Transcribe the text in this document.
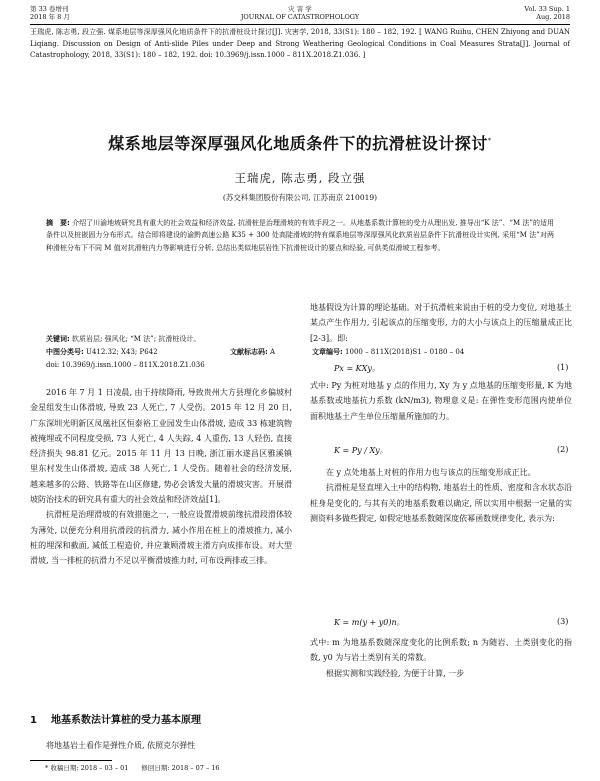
第 33 卷增刊
2018 年 8 月
灾 害 学
JOURNAL OF CATASTROPHOLOGY
Vol. 33 Sup. 1
Aug. 2018
王瑞虎, 陈志勇, 段立强. 煤系地层等深厚强风化地质条件下的抗滑桩设计探讨[J]. 灾害学, 2018, 33(S1): 180 – 182, 192. [ WANG Ruihu, CHEN Zhiyong and DUAN Liqiang. Discussion on Design of Anti-slide Piles under Deep and Strong Weathering Geological Conditions in Coal Measures Strata[J]. Journal of Catastrophology, 2018, 33(S1): 180 – 182, 192. doi: 10.3969/j.issn.1000 – 811X.2018.Z1.036. ]
煤系地层等深厚强风化地质条件下的抗滑桩设计探讨*
王瑞虎, 陈志勇, 段立强
(苏交科集团股份有限公司, 江苏南京 210019)
摘　要: 介绍了川渝地坡研究具有重大的社会效益和经济效益, 抗滑桩是治理滑坡的有效手段之一。从地基系数计算桩的受力从理出发, 推导出“K 法”、“M 法”的适用条件以及桩嵌固力分布形式。结合即将建设的渝黔高速公路 K35 + 300 处高陡滑坡的特有煤系地层等深厚强风化软质岩层条件下抗滑桩设计实例, 采用“M 法”对两种滑桩分布下不同 M 值对抗滑桩内力等影响进行分析, 总结出类似地层岩性下抗滑桩设计的要点和经验, 可供类似滑坡工程参考。
关键词: 软质岩层; 强风化; “M 法”; 抗滑桩设计。
中图分类号: U412.32; X43; P642	文献标志码: A	文章编号: 1000 – 811X(2018)S1 – 0180 – 04
doi: 10.3969/j.issn.1000 – 811X.2018.Z1.036

2016 年 7 月 1 日凌晨, 由于持续降雨, 导致贵州大方县理化乡偏坡村金星组发生山体滑坡, 导致 23 人死亡, 7 人受伤。2015 年 12 月 20 日, 广东深圳光明新区凤凰社区恒泰裕工业园发生山体滑坡, 造成 33 栋建筑物被掩埋或不同程度受损, 73 人死亡, 4 人失踪, 4 人重伤, 13 人轻伤, 直接经济损失 98.81 亿元。2015 年 11 月 13 日晚, 浙江丽水遂昌区雅溪镇里东村发生山体滑坡, 造成 38 人死亡, 1 人受伤。随着社会的经济发展, 越来越多的公路、铁路等在山区修建, 势必会诱发大量的滑坡灾害。开展滑坡防治技术的研究具有重大的社会效益和经济效益[1]。

抗滑桩是治理滑坡的有效措施之一, 一般应设置滑坡前缘抗滑段滑体较为薄处, 以便充分利用抗滑段的抗滑力, 减小作用在桩上的滑坡推力, 减小桩的埋深和截面, 减低工程造价, 并应兼顾滑坡主滑方向成排布设。对大型滑坡, 当一排桩的抗滑力不足以平衡滑坡推力时, 可布设两排或三排。

1 地基系数法计算桩的受力基本原理
将地基岩土看作是弹性介质, 依照克尔弹性

地基假设为计算的理论基础。对于抗滑桩来说由于桩的受力变位, 对地基土某点产生作用力, 引起该点的压缩变形, 力的大小与该点上的压缩量成正比[2-3]。即:

Px = KXy。	(1)

式中: Py 为桩对地基 y 点的作用力, Xy 为 y 点地基的压缩变形量, K 为地基系数或地基抗力系数 (kN/m3), 物理意义是: 在弹性变形范围内使单位面积地基土产生单位压缩量所施加的力。

K = Py / Xy。	(2)

在 y 点处地基上对桩的作用力也与该点的压缩变形成正比。

抗滑桩是竖直埋入土中的结构物, 地基岩土的性质、密度和含水状态沿桩身是变化的, 与其有关的地基系数难以确定, 所以实用中根据一定量的实测资料多做些假定, 如假定地基系数随深度依幂函数规律变化, 表示为:

K = m(y + y0)n。	(3)

式中: m 为地基系数随深度变化的比例系数; n 为随岩、土类别变化的指数, y0 为与岩土类别有关的常数。

根据实测和实践经验, 为便于计算, 一步

* 收稿日期: 2018 – 03 – 01　　修回日期: 2018 – 07 – 16
